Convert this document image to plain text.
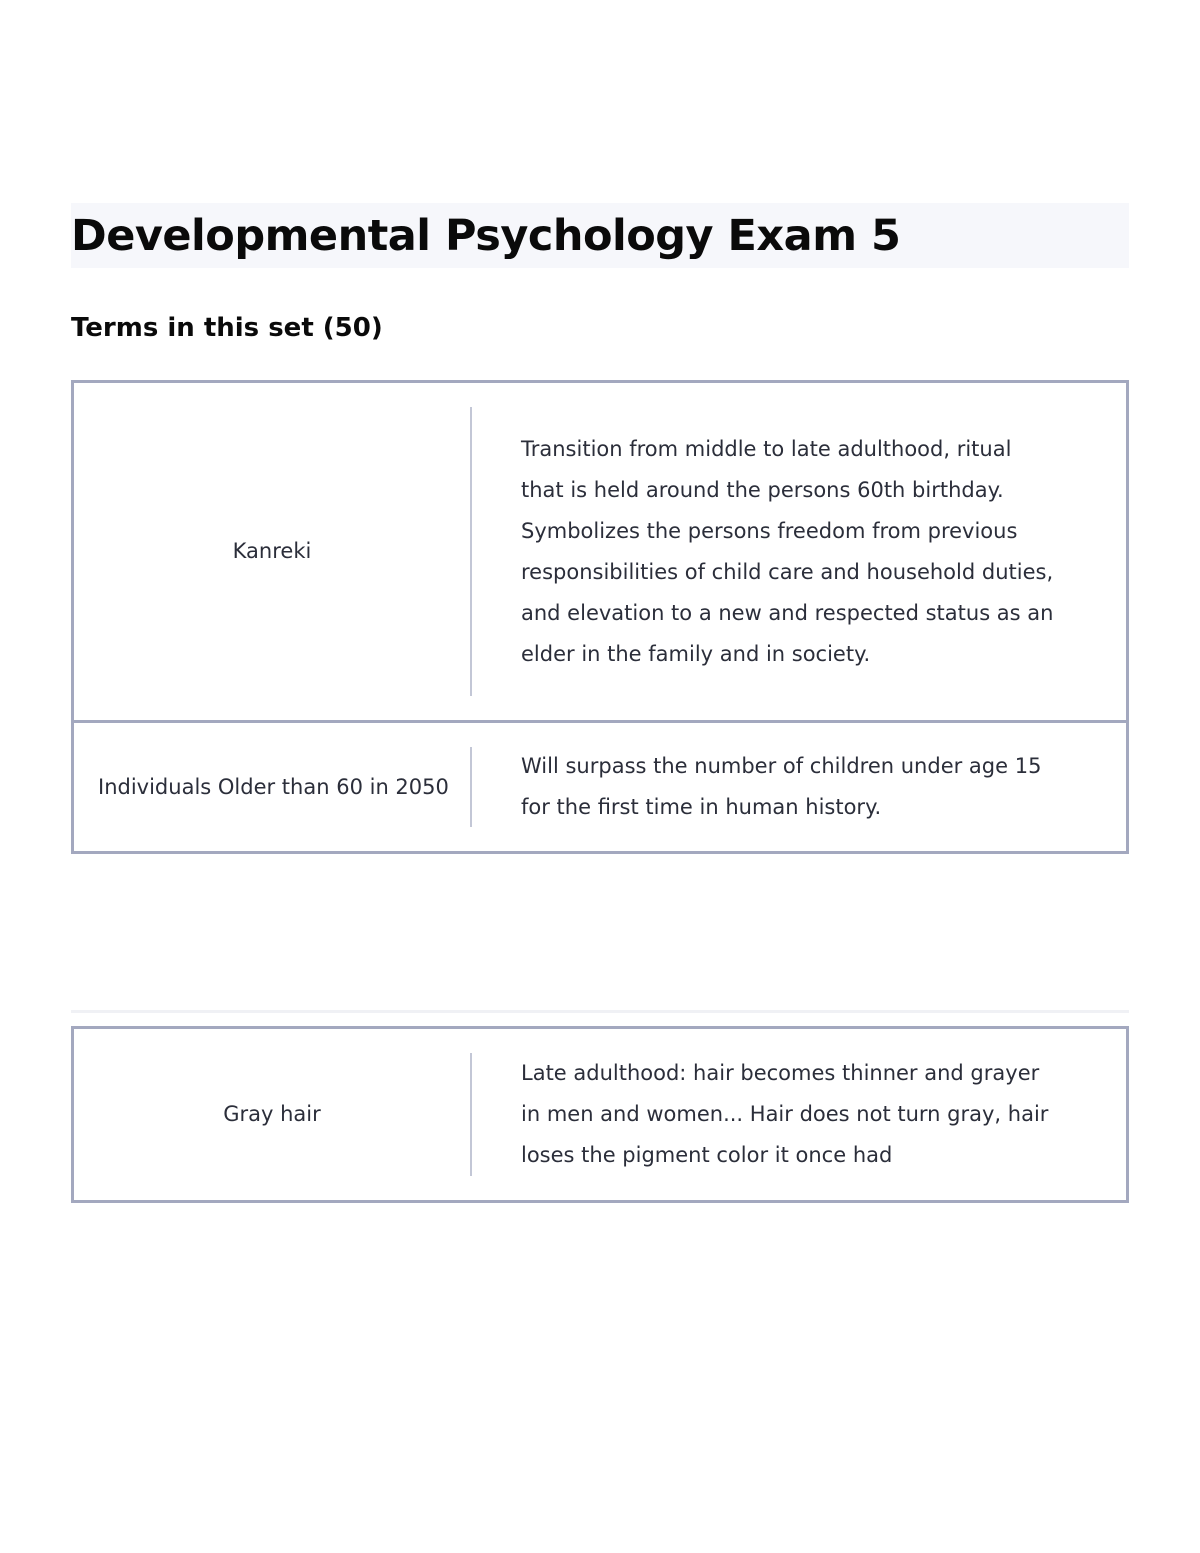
Developmental Psychology Exam 5
Terms in this set (50)
Kanreki
Transition from middle to late adulthood, ritual that is held around the persons 60th birthday. Symbolizes the persons freedom from previous responsibilities of child care and household duties, and elevation to a new and respected status as an elder in the family and in society.
Individuals Older than 60 in 2050
Will surpass the number of children under age 15 for the first time in human history.
Gray hair
Late adulthood: hair becomes thinner and grayer in men and women... Hair does not turn gray, hair loses the pigment color it once had
